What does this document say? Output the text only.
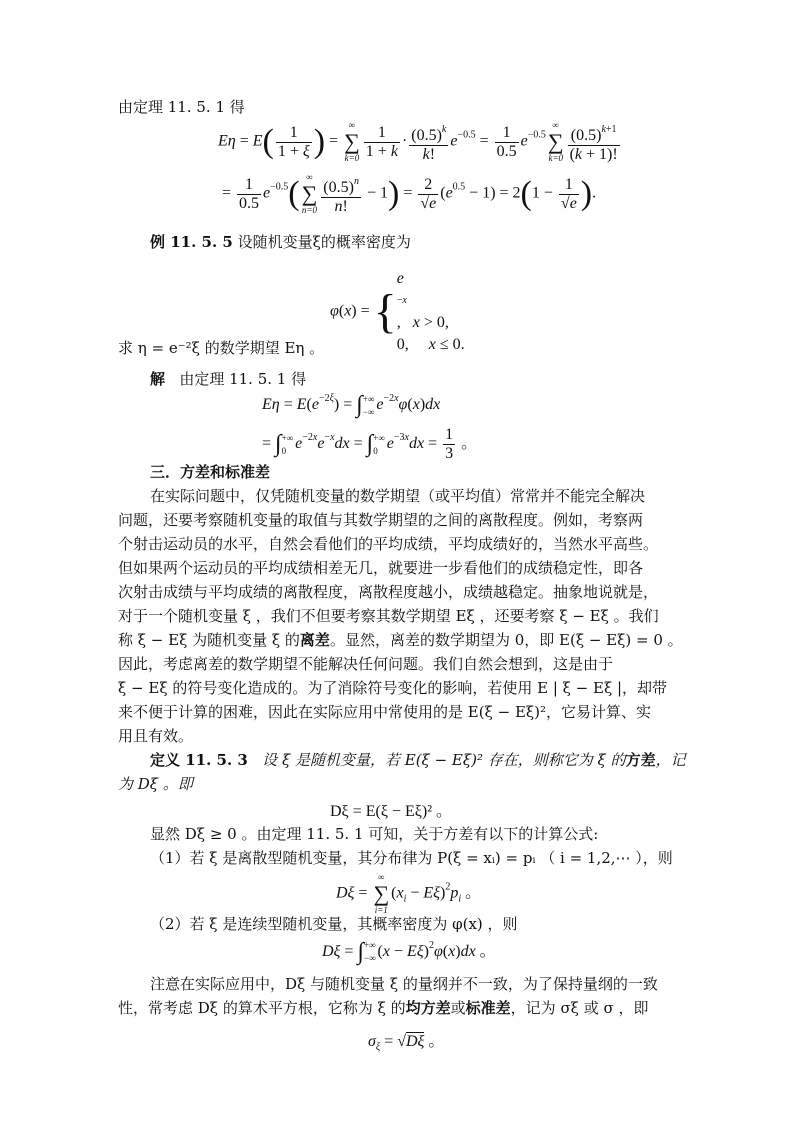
由定理 11. 5. 1 得
$E\eta = E( \frac{1}{1 + \xi}$ ) =
∞
∑
$k=0 \frac{1}{1 + k} \cdot \frac{(0.5)^k}{k!} e^{-0.5} = \frac{1}{0.5} e^{-0.5}$
∞
∑
$k=0 \frac{(0.5)^{k+1}}{(k + 1)!}$
= $\frac{1}{0.5} e^{-0.5}$( ∞
∑
$n=0 \frac{(0.5)^n}{n!} - 1) = \frac{2}{√e} (e^{0.5} - 1) = 2(1 - \frac{1}{√e}$ ).
例 11. 5. 5 设随机变量ξ的概率密度为
φ(x) = {
e
−x
,   x > 0,
0,     x ≤ 0.
求 η = e⁻²ξ 的数学期望 Eη 。
解 由定理 11. 5. 1 得
$E\eta = E(e^{-2\xi})$ = ∫ +∞
−∞ $e^{-2x}\varphi(x)dx$
= ∫ +∞
0 $e^{-2x}e^{-x}dx$ = ∫ +∞
0 $e^{-3x}dx = \frac{1}{3}$ 。
三．方差和标准差
在实际问题中，仅凭随机变量的数学期望（或平均值）常常并不能完全解决
问题，还要考察随机变量的取值与其数学期望的之间的离散程度。例如，考察两
个射击运动员的水平，自然会看他们的平均成绩，平均成绩好的，当然水平高些。
但如果两个运动员的平均成绩相差无几，就要进一步看他们的成绩稳定性，即各
次射击成绩与平均成绩的离散程度，离散程度越小，成绩越稳定。抽象地说就是，
对于一个随机变量 ξ ，我们不但要考察其数学期望 Eξ ，还要考察 ξ − Eξ 。我们
称 ξ − Eξ 为随机变量 ξ 的离差。显然，离差的数学期望为 0，即 E(ξ − Eξ) = 0 。
因此，考虑离差的数学期望不能解决任何问题。我们自然会想到，这是由于
ξ − Eξ 的符号变化造成的。为了消除符号变化的影响，若使用 E | ξ − Eξ |，却带
来不便于计算的困难，因此在实际应用中常使用的是 E(ξ − Eξ)²，它易计算、实
用且有效。
定义 11. 5. 3 设 ξ 是随机变量，若 E(ξ − Eξ)² 存在，则称它为 ξ 的方差，记
为 Dξ 。即
Dξ = E(ξ − Eξ)² 。
显然 Dξ ≥ 0 。由定理 11. 5. 1 可知，关于方差有以下的计算公式:
（1）若 ξ 是离散型随机变量，其分布律为 P(ξ = xᵢ) = pᵢ （ i = 1,2,⋯ ），则
Dξ =
∞
∑
i=1
$(x_i - E\xi)^2p_i$ 。
（2）若 ξ 是连续型随机变量，其概率密度为 φ(x) ，则
Dξ = ∫ +∞
−∞ $(x - E\xi)^2\varphi(x)dx$ 。
注意在实际应用中，Dξ 与随机变量 ξ 的量纲并不一致，为了保持量纲的一致
性，常考虑 Dξ 的算术平方根，它称为 ξ 的均方差或标准差，记为 σξ 或 σ ，即
$\sigma_\xi = √D\xi$ 。
